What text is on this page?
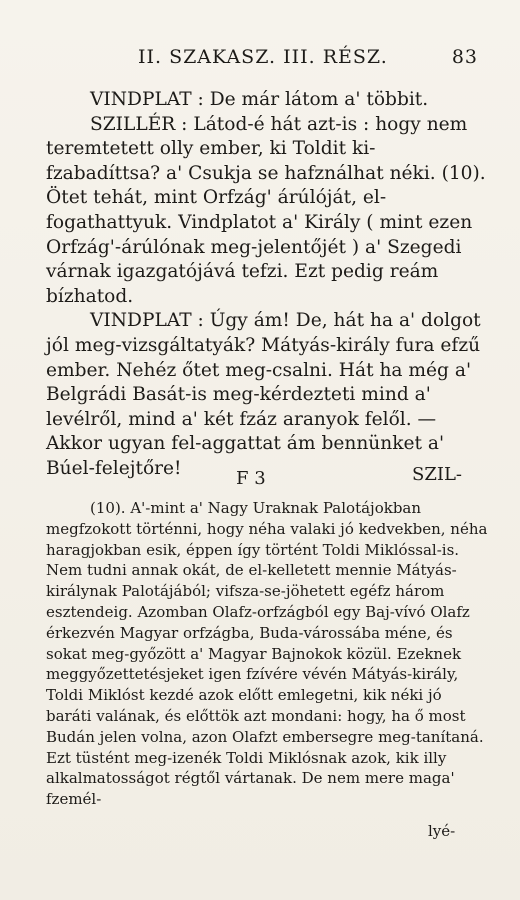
II. SZAKASZ. III. RÉSZ.	83

VINDPLAT : De már látom a' többit.

SZILLÉR : Látod-é hát azt-is : hogy nem teremtetett olly ember, ki Toldit ki-fzabadíttsa? a' Csukja se hafználhat néki. (10). Ötet tehát, mint Orfzág' árúlóját, el-fogathattyuk. Vindplatot a' Király ( mint ezen Orfzág'-árúlónak meg-jelentőjét ) a' Szegedi várnak igazgatójává tefzi. Ezt pedig reám bízhatod.

VINDPLAT : Úgy ám! De, hát ha a' dolgot jól meg-vizsgáltatyák? Mátyás-király fura efzű ember. Nehéz őtet meg-csalni. Hát ha még a' Belgrádi Basát-is meg-kérdezteti mind a' levélről, mind a' két fzáz aranyok felől. — Akkor ugyan fel-aggattat ám bennünket a' Búel-felejtőre!	F 3	SZIL-

(10). A'-mint a' Nagy Uraknak Palotájokban megfzokott történni, hogy néha valaki jó kedvekben, néha haragjokban esik, éppen így történt Toldi Miklóssal-is. Nem tudni annak okát, de el-kelletett mennie Mátyás-királynak Palotájából; vifsza-se-jöhetett egéfz három esztendeig. Azomban Olafz-orfzágból egy Baj-vívó Olafz érkezvén Magyar orfzágba, Buda-várossába méne, és sokat meg-győzött a' Magyar Bajnokok közül. Ezeknek meggyőzettetésjeket igen fzívére vévén Mátyás-király, Toldi Miklóst kezdé azok előtt emlegetni, kik néki jó baráti valának, és előttök azt mondani: hogy, ha ő most Budán jelen volna, azon Olafzt embersegre meg-tanítaná. Ezt tüstént meg-izenék Toldi Miklósnak azok, kik illy alkalmatosságot régtől vártanak. De nem mere maga' fzemél-

lyé-
